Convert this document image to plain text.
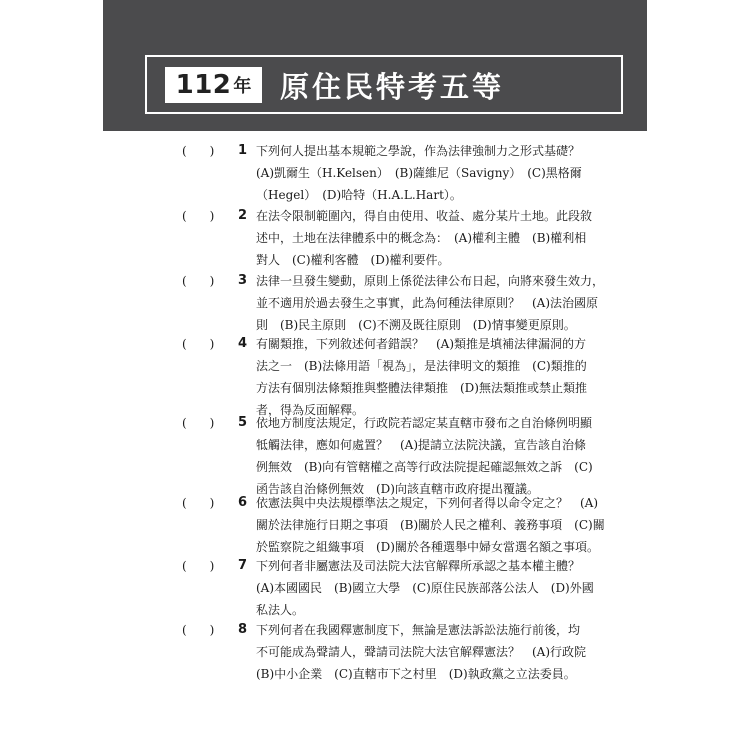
112 年 原住民特考五等
(      ) 1 下列何人提出基本規範之學說，作為法律強制力之形式基礎？
(A)凱爾生（H.Kelsen）　(B)薩維尼（Savigny）　(C)黑格爾
（Hegel）　(D)哈特（H.A.L.Hart）。

(      ) 2 在法令限制範圍內，得自由使用、收益、處分某片土地。此段敘
述中，土地在法律體系中的概念為：　(A)權利主體　(B)權利相
對人　(C)權利客體　(D)權利要件。

(      ) 3 法律一旦發生變動，原則上係從法律公布日起，向將來發生效力，
並不適用於過去發生之事實，此為何種法律原則？　(A)法治國原
則　(B)民主原則　(C)不溯及既往原則　(D)情事變更原則。

(      ) 4 有關類推，下列敘述何者錯誤？　(A)類推是填補法律漏洞的方
法之一　(B)法條用語「視為」，是法律明文的類推　(C)類推的
方法有個別法條類推與整體法律類推　(D)無法類推或禁止類推
者，得為反面解釋。

(      ) 5 依地方制度法規定，行政院若認定某直轄市發布之自治條例明顯
牴觸法律，應如何處置？　(A)提請立法院決議，宣告該自治條
例無效　(B)向有管轄權之高等行政法院提起確認無效之訴　(C)
函告該自治條例無效　(D)向該直轄市政府提出覆議。

(      ) 6 依憲法與中央法規標準法之規定，下列何者得以命令定之？　(A)
關於法律施行日期之事項　(B)關於人民之權利、義務事項　(C)關
於監察院之組織事項　(D)關於各種選舉中婦女當選名額之事項。

(      ) 7 下列何者非屬憲法及司法院大法官解釋所承認之基本權主體？
(A)本國國民　(B)國立大學　(C)原住民族部落公法人　(D)外國
私法人。

(      ) 8 下列何者在我國釋憲制度下，無論是憲法訴訟法施行前後，均
不可能成為聲請人，聲請司法院大法官解釋憲法？　(A)行政院
(B)中小企業　(C)直轄市下之村里　(D)執政黨之立法委員。
